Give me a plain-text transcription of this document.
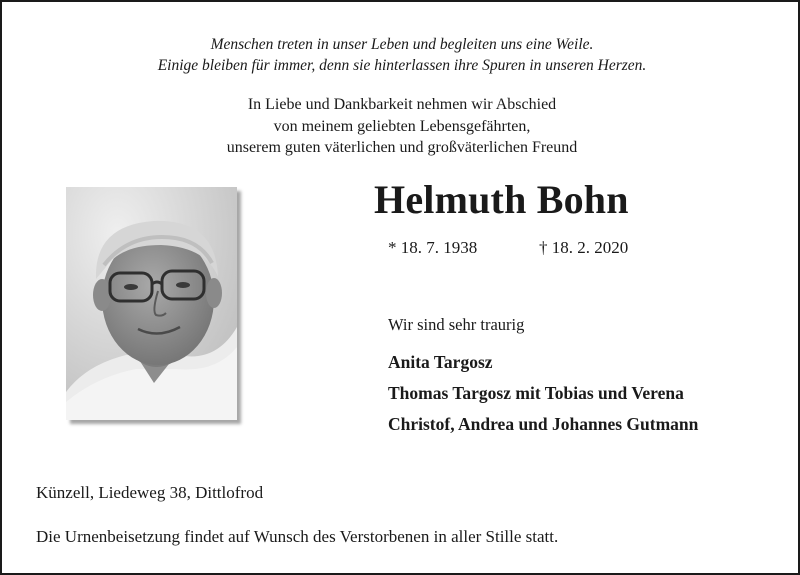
Menschen treten in unser Leben und begleiten uns eine Weile.
Einige bleiben für immer, denn sie hinterlassen ihre Spuren in unseren Herzen.
In Liebe und Dankbarkeit nehmen wir Abschied
von meinem geliebten Lebensgefährten,
unserem guten väterlichen und großväterlichen Freund
Helmuth Bohn
* 18. 7. 1938	† 18. 2. 2020
Wir sind sehr traurig
Anita Targosz
Thomas Targosz mit Tobias und Verena
Christof, Andrea und Johannes Gutmann
Künzell, Liedeweg 38, Dittlofrod
Die Urnenbeisetzung findet auf Wunsch des Verstorbenen in aller Stille statt.
